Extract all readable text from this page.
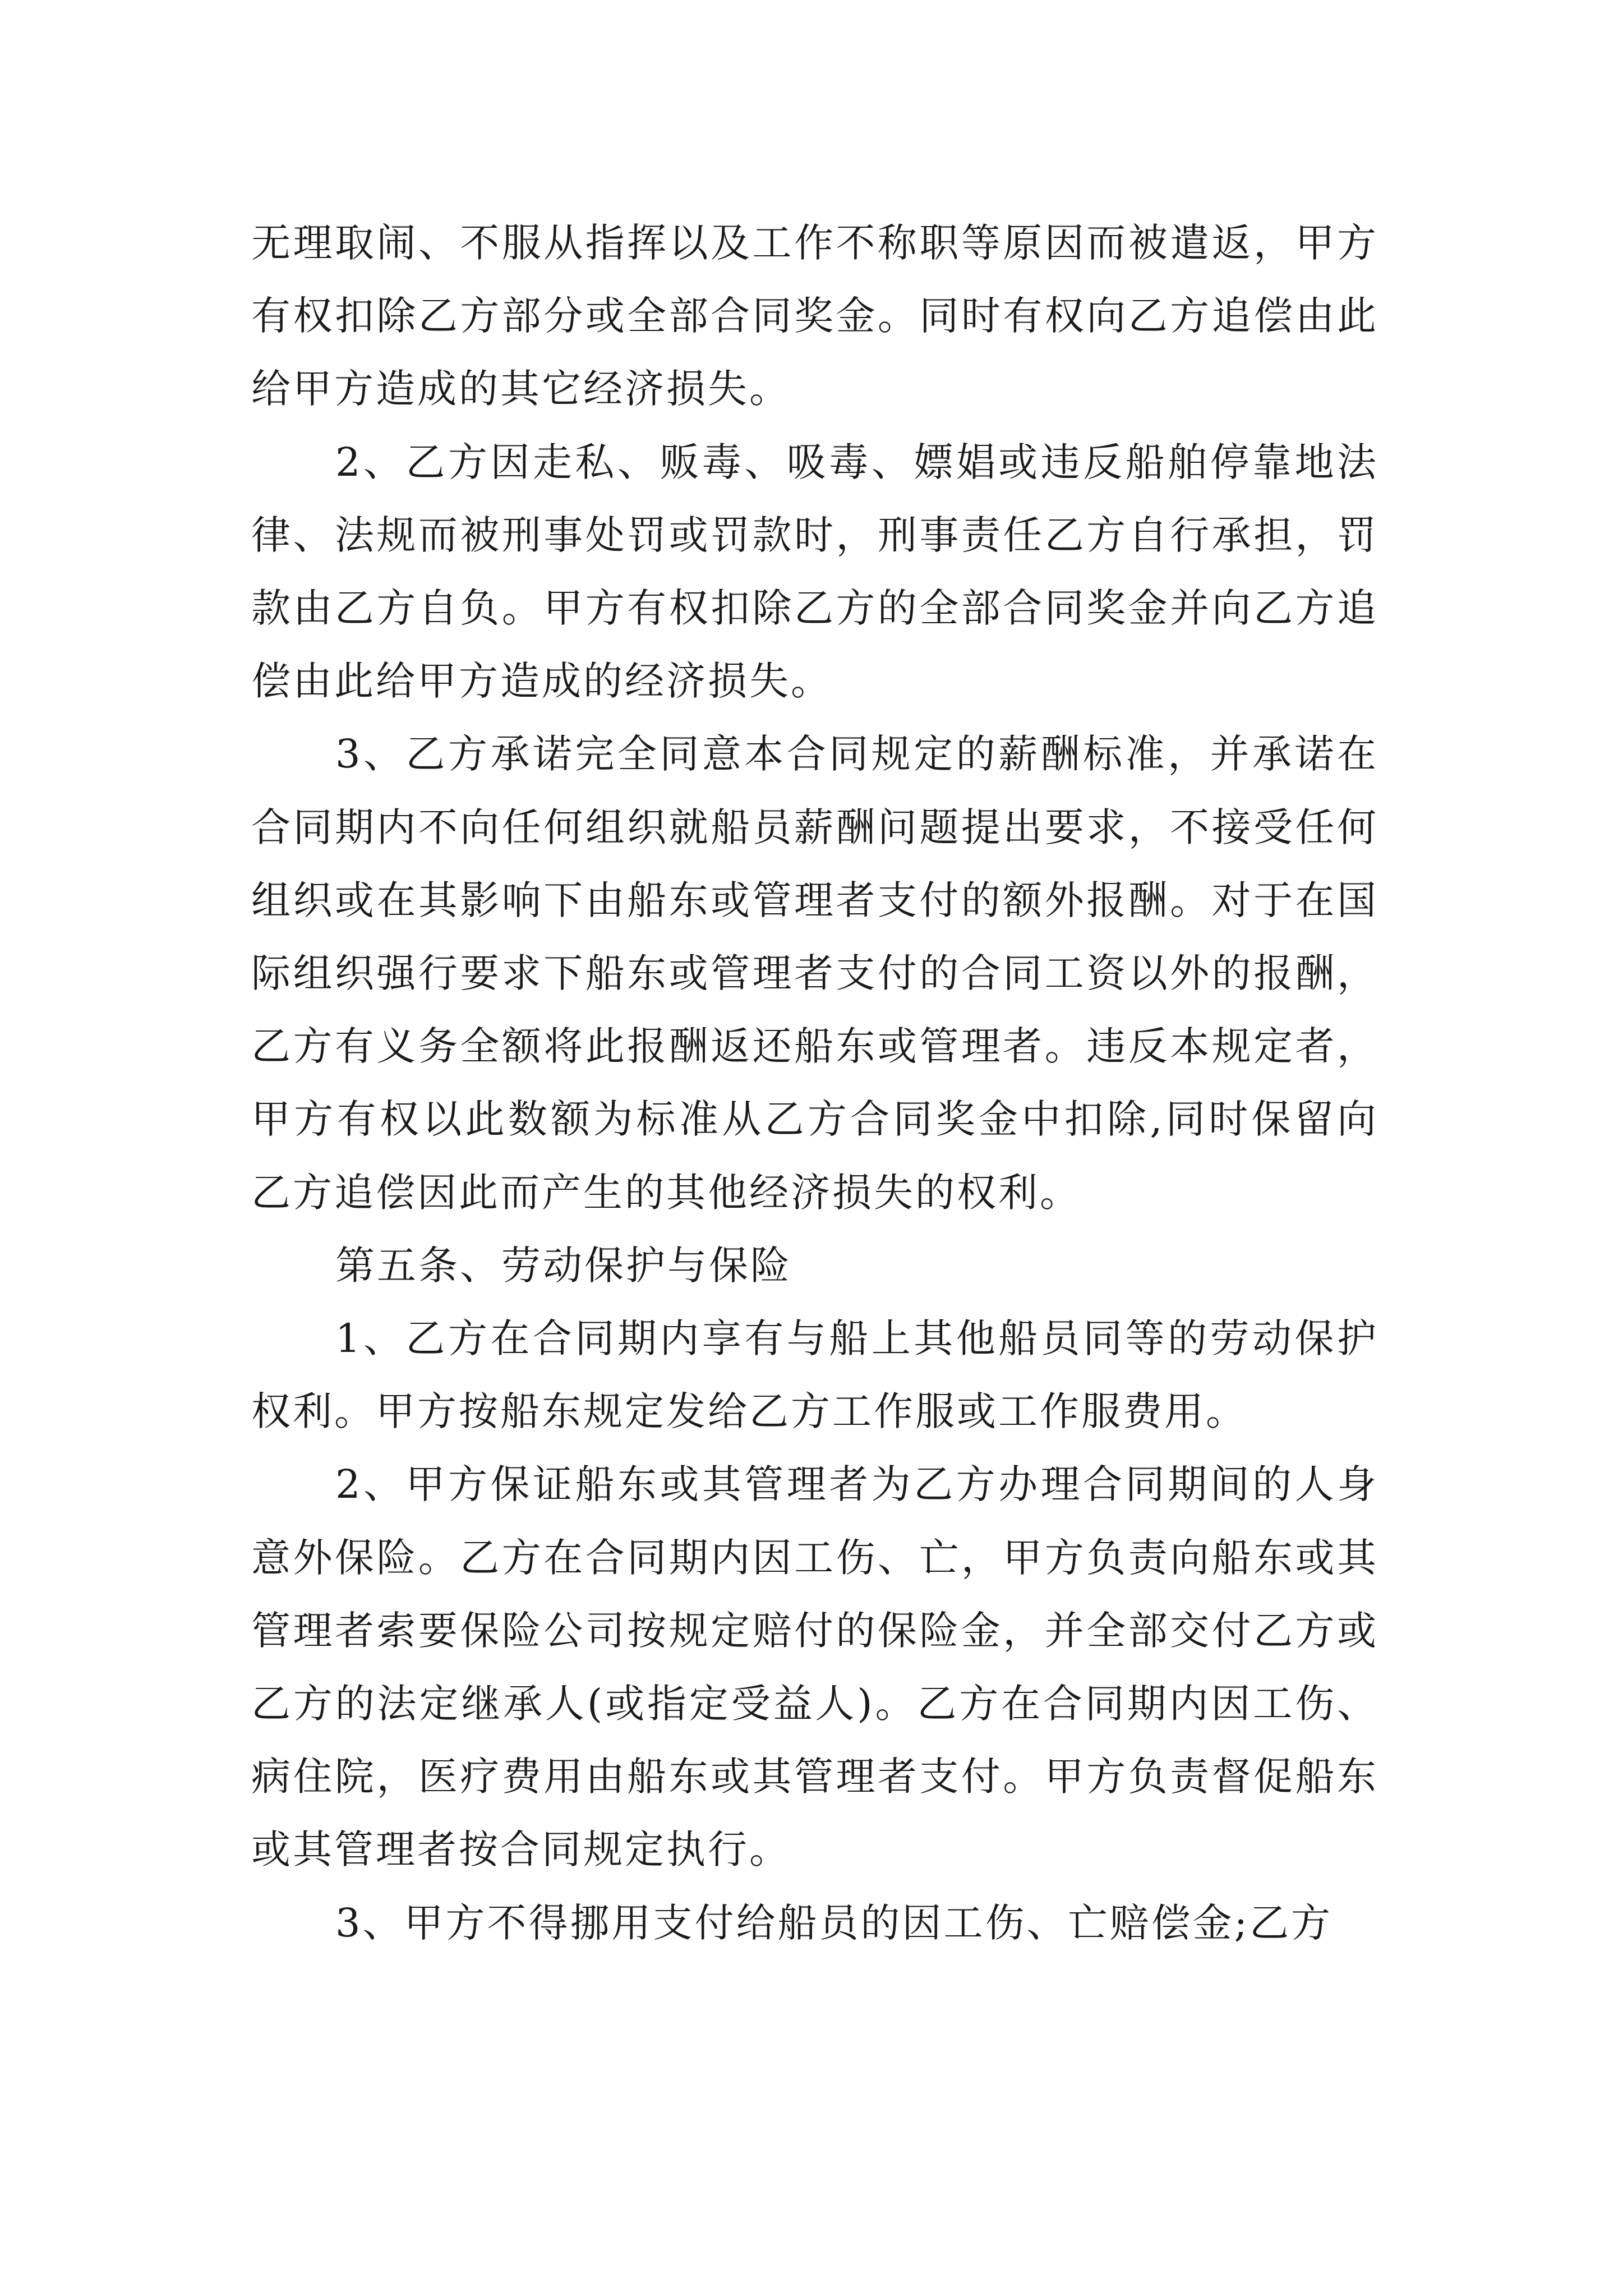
无理取闹、不服从指挥以及工作不称职等原因而被遣返，甲方有权扣除乙方部分或全部合同奖金。同时有权向乙方追偿由此给甲方造成的其它经济损失。

2、乙方因走私、贩毒、吸毒、嫖娼或违反船舶停靠地法律、法规而被刑事处罚或罚款时，刑事责任乙方自行承担，罚款由乙方自负。甲方有权扣除乙方的全部合同奖金并向乙方追偿由此给甲方造成的经济损失。

3、乙方承诺完全同意本合同规定的薪酬标准，并承诺在合同期内不向任何组织就船员薪酬问题提出要求，不接受任何组织或在其影响下由船东或管理者支付的额外报酬。对于在国际组织强行要求下船东或管理者支付的合同工资以外的报酬，乙方有义务全额将此报酬返还船东或管理者。违反本规定者，甲方有权以此数额为标准从乙方合同奖金中扣除,同时保留向乙方追偿因此而产生的其他经济损失的权利。

第五条、劳动保护与保险

1、乙方在合同期内享有与船上其他船员同等的劳动保护权利。甲方按船东规定发给乙方工作服或工作服费用。

2、甲方保证船东或其管理者为乙方办理合同期间的人身意外保险。乙方在合同期内因工伤、亡，甲方负责向船东或其管理者索要保险公司按规定赔付的保险金，并全部交付乙方或乙方的法定继承人(或指定受益人)。乙方在合同期内因工伤、病住院，医疗费用由船东或其管理者支付。甲方负责督促船东或其管理者按合同规定执行。

3、甲方不得挪用支付给船员的因工伤、亡赔偿金;乙方
